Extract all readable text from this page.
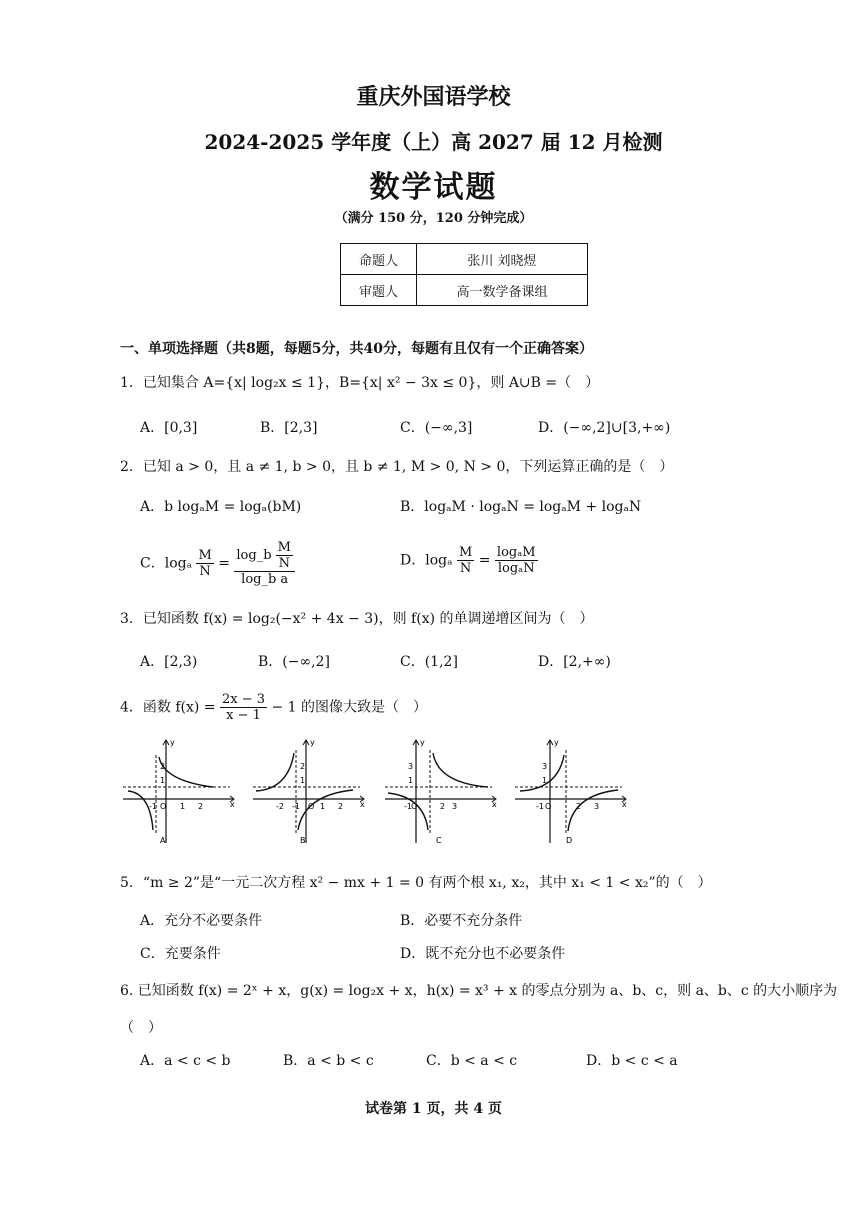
重庆外国语学校
2024-2025 学年度（上）高 2027 届 12 月检测
数学试题
（满分 150 分，120 分钟完成）
命题人	张川 刘晓煜
审题人	高一数学备课组
一、单项选择题（共8题，每题5分，共40分，每题有且仅有一个正确答案）
1．已知集合 A={x| log₂x ≤ 1}，B={x| x² − 3x ≤ 0}，则 A∪B =（　）
A．[0,3]	B．[2,3]	C．(−∞,3]	D．(−∞,2]∪[3,+∞)
2．已知 a > 0，且 a ≠ 1, b > 0，且 b ≠ 1, M > 0, N > 0，下列运算正确的是（　）
A．b logₐM = logₐ(bM)	B．logₐM · logₐN = logₐM + logₐN
C．logₐ $\frac{M}{N} = \frac{\log\_b \frac{M}{N}}{\text{log\_b a}}$	D．logₐ $\frac{M}{N} = \frac{\text{logₐM}}{\text{logₐN}}$
3．已知函数 f(x) = log₂(−x² + 4x − 3)，则 f(x) 的单调递增区间为（　）
A．[2,3)	B．(−∞,2]	C．(1,2]	D．[2,+∞)
4．函数 $f(x) = \frac{2x - 3}{x - 1} - 1$ 的图像大致是（　）
O
-1	1 2	x
y
2
1
A
O
-2 -1	1 2 x
y
2
1
B
-1 O	2 3	x
y
3
1
C
-1 O	2 3	x
y
3
1
D
5．“m ≥ 2”是“一元二次方程 x² − mx + 1 = 0 有两个根 x₁, x₂，其中 x₁ < 1 < x₂”的（　）
A．充分不必要条件	B．必要不充分条件
C．充要条件	D．既不充分也不必要条件
6. 已知函数 f(x) = 2ˣ + x，g(x) = log₂x + x，h(x) = x³ + x 的零点分别为 a、b、c，则 a、b、c 的大小顺序为
（　）
A．a < c < b	B．a < b < c	C．b < a < c	D．b < c < a
试卷第 1 页，共 4 页
